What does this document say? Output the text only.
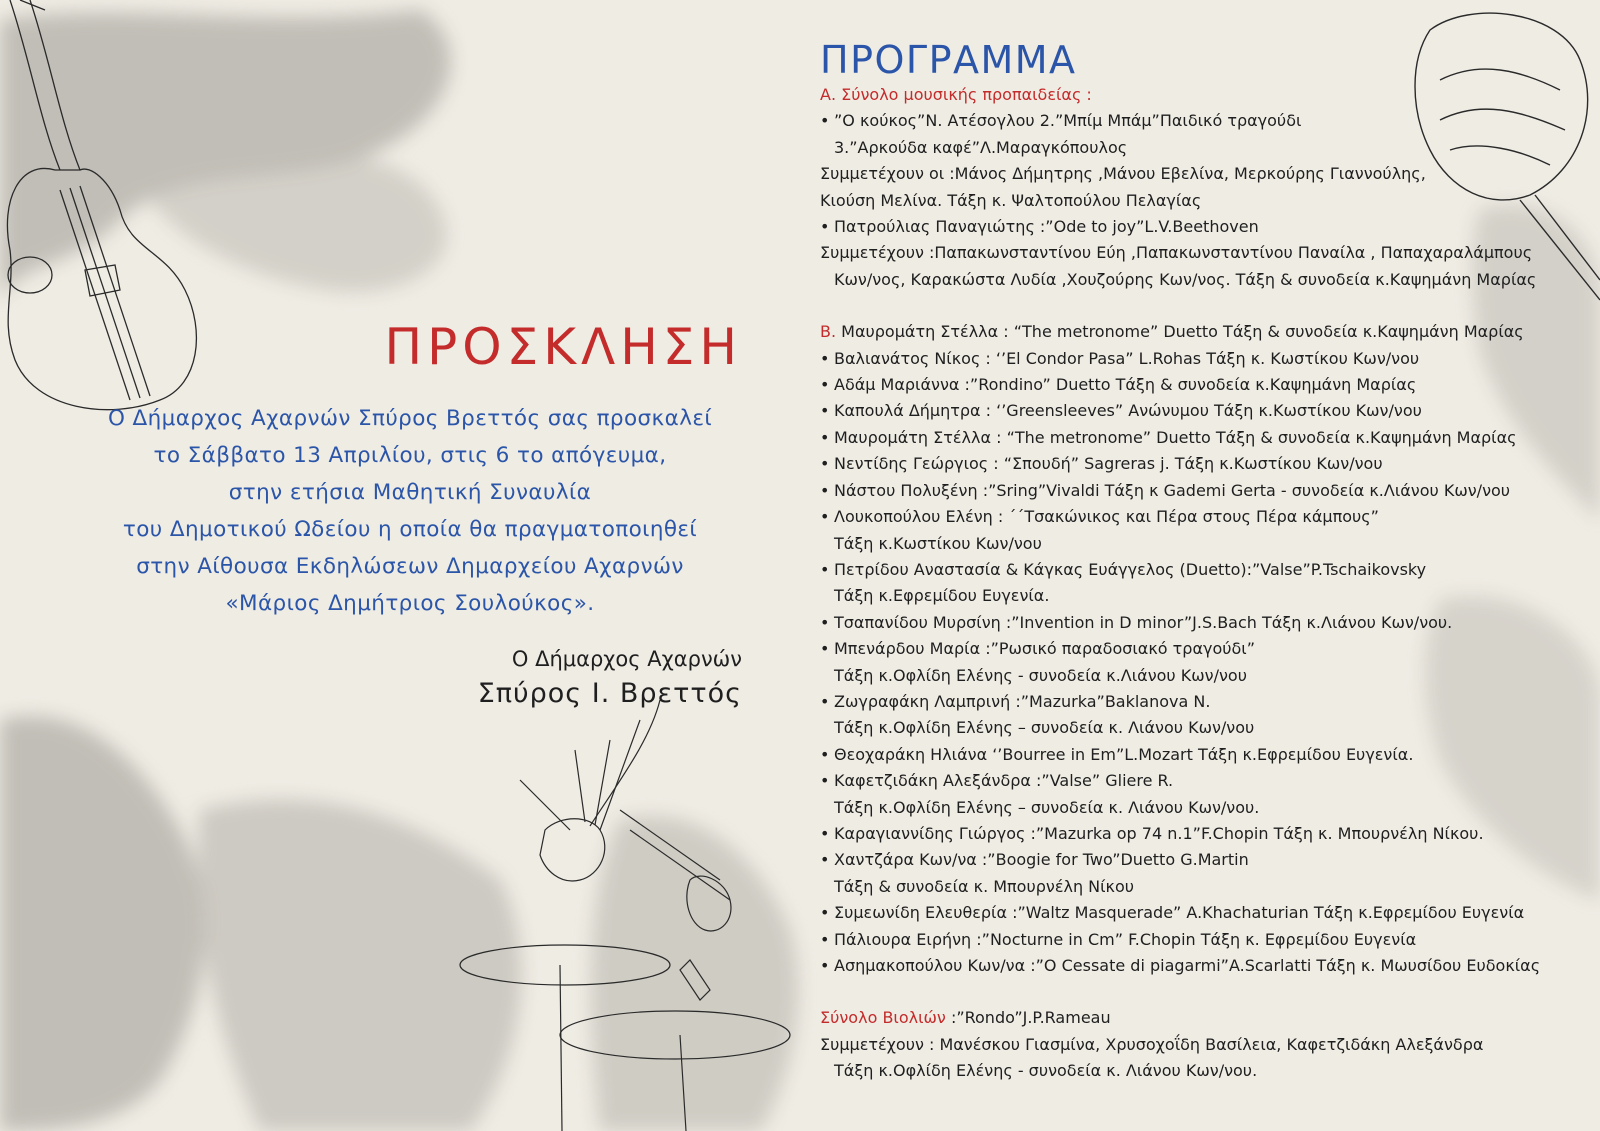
ΠΡΟΣΚΛΗΣΗ
Ο Δήμαρχος Αχαρνών Σπύρος Βρεττός σας προσκαλεί
το Σάββατο 13 Απριλίου, στις 6 το απόγευμα,
στην ετήσια Μαθητική Συναυλία
του Δημοτικού Ωδείου η οποία θα πραγματοποιηθεί
στην Αίθουσα Εκδηλώσεων Δημαρχείου Αχαρνών
«Μάριος Δημήτριος Σουλούκος».
Ο Δήμαρχος Αχαρνών
Σπύρος Ι. Βρεττός
ΠΡΟΓΡΑΜΜΑ
Α. Σύνολο μουσικής προπαιδείας :
• ”Ο κούκος”Ν. Ατέσογλου 2.”Μπίμ Μπάμ”Παιδικό τραγούδι
3.”Αρκούδα καφέ”Λ.Μαραγκόπουλος
Συμμετέχουν οι :Μάνος Δήμητρης ,Μάνου Εβελίνα, Μερκούρης Γιαννούλης,
Κιούση Μελίνα. Τάξη κ. Ψαλτοπούλου Πελαγίας
• Πατρούλιας Παναγιώτης :”Ode to joy”L.V.Beethoven
Συμμετέχουν :Παπακωνσταντίνου Εύη ,Παπακωνσταντίνου Παναίλα , Παπαχαραλάμπους
Κων/νος, Καρακώστα Λυδία ,Χουζούρης Κων/νος. Τάξη & συνοδεία κ.Καψημάνη Μαρίας
Β. Μαυρομάτη Στέλλα : “The metronome” Duetto Τάξη & συνοδεία κ.Καψημάνη Μαρίας
• Βαλιανάτος Νίκος : ‘’El Condor Pasa” L.Rohas Τάξη κ. Κωστίκου Κων/νου
• Αδάμ Μαριάννα :”Rondino” Duetto Τάξη & συνοδεία κ.Καψημάνη Μαρίας
• Καπουλά Δήμητρα : ‘’Greensleeves” Ανώνυμου Τάξη κ.Κωστίκου Κων/νου
• Μαυρομάτη Στέλλα : “The metronome” Duetto Τάξη & συνοδεία κ.Καψημάνη Μαρίας
• Νεντίδης Γεώργιος : “Σπουδή” Sagreras j. Τάξη κ.Κωστίκου Κων/νου
• Νάστου Πολυξένη :”Sring”Vivaldi Τάξη κ Gademi Gerta - συνοδεία κ.Λιάνου Κων/νου
• Λουκοπούλου Ελένη : ΄΄Τσακώνικος και Πέρα στους Πέρα κάμπους”
Τάξη κ.Κωστίκου Κων/νου
• Πετρίδου Αναστασία & Κάγκας Ευάγγελος (Duetto):”Valse”P.Tschaikovsky
Τάξη κ.Εφρεμίδου Ευγενία.
• Τσαπανίδου Μυρσίνη :”Invention in D minor”J.S.Bach Τάξη κ.Λιάνου Κων/νου.
• Μπενάρδου Μαρία :”Ρωσικό παραδοσιακό τραγούδι”
Τάξη κ.Οφλίδη Ελένης - συνοδεία κ.Λιάνου Κων/νου
• Ζωγραφάκη Λαμπρινή :”Mazurka”Baklanova N.
Τάξη κ.Οφλίδη Ελένης – συνοδεία κ. Λιάνου Κων/νου
• Θεοχαράκη Ηλιάνα ‘’Bourree in Em”L.Mozart Τάξη κ.Εφρεμίδου Ευγενία.
• Καφετζιδάκη Αλεξάνδρα :”Valse” Gliere R.
Τάξη κ.Οφλίδη Ελένης – συνοδεία κ. Λιάνου Κων/νου.
• Καραγιαννίδης Γιώργος :”Mazurka op 74 n.1”F.Chopin Τάξη κ. Μπουρνέλη Νίκου.
• Χαντζάρα Κων/να :”Boogie for Two”Duetto G.Martin
Τάξη & συνοδεία κ. Μπουρνέλη Νίκου
• Συμεωνίδη Ελευθερία :”Waltz Masquerade” A.Khachaturian Τάξη κ.Εφρεμίδου Ευγενία
• Πάλιουρα Ειρήνη :”Nocturne in Cm” F.Chopin Τάξη κ. Εφρεμίδου Ευγενία
• Ασημακοπούλου Κων/να :”O Cessate di piagarmi”A.Scarlatti Τάξη κ. Μωυσίδου Ευδοκίας
Σύνολο Βιολιών :”Rondo”J.P.Rameau
Συμμετέχουν : Μανέσκου Γιασμίνα, Χρυσοχοΐδη Βασίλεια, Καφετζιδάκη Αλεξάνδρα
Τάξη κ.Οφλίδη Ελένης - συνοδεία κ. Λιάνου Κων/νου.
